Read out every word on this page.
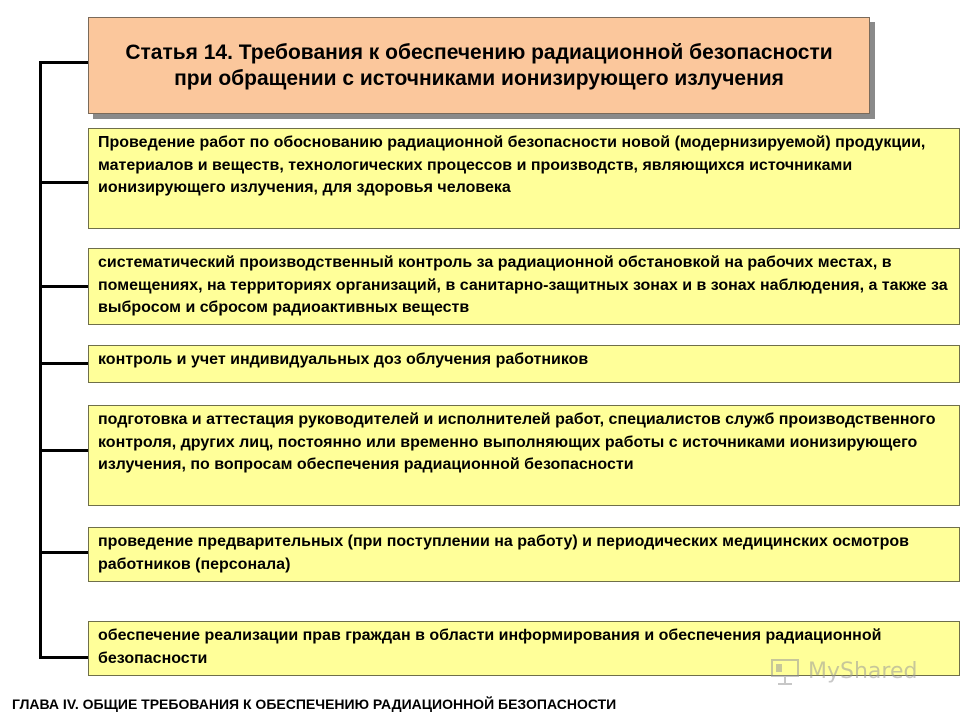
Статья 14. Требования к обеспечению радиационной безопасности при обращении с источниками ионизирующего излучения
Проведение работ по обоснованию радиационной безопасности новой (модернизируемой) продукции, материалов и веществ, технологических процессов и производств, являющихся источниками ионизирующего излучения, для здоровья человека
систематический производственный контроль за радиационной обстановкой на рабочих местах, в помещениях, на территориях организаций, в санитарно-защитных зонах и в зонах наблюдения, а также за выбросом и сбросом радиоактивных веществ
контроль и учет индивидуальных доз облучения работников
подготовка и аттестация руководителей и исполнителей работ, специалистов служб производственного контроля, других лиц, постоянно или временно выполняющих работы с источниками ионизирующего излучения, по вопросам обеспечения радиационной безопасности
проведение предварительных (при поступлении на работу) и периодических медицинских осмотров работников (персонала)
обеспечение реализации прав граждан в области информирования и обеспечения радиационной безопасности
MyShared
ГЛАВА IV. ОБЩИЕ ТРЕБОВАНИЯ К ОБЕСПЕЧЕНИЮ РАДИАЦИОННОЙ БЕЗОПАСНОСТИ
